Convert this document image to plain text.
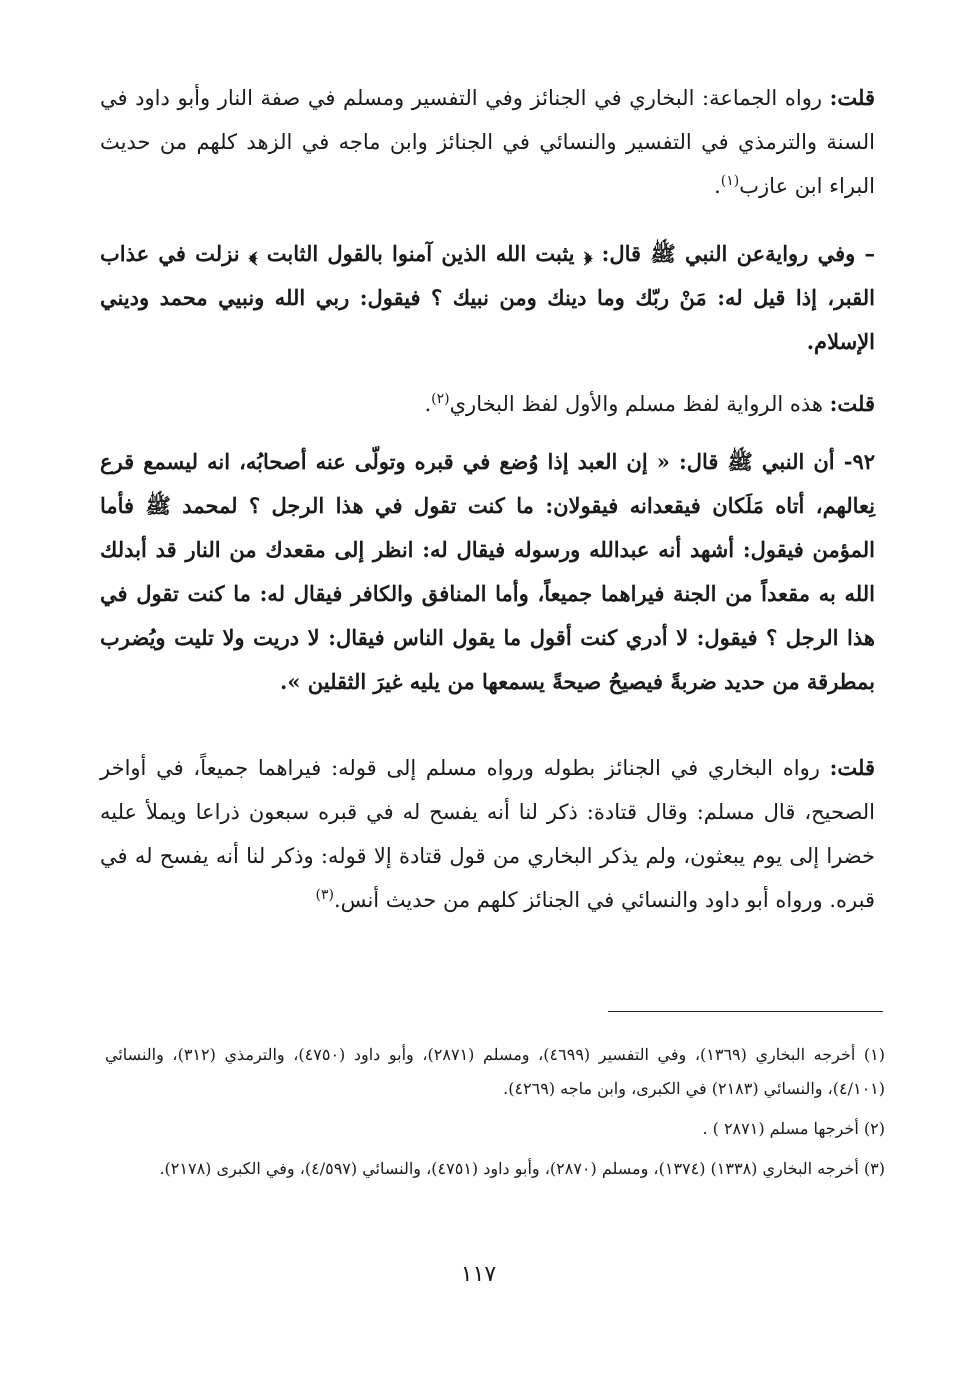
قلت: رواه الجماعة: البخاري في الجنائز وفي التفسير ومسلم في صفة النار وأبو داود في السنة والترمذي في التفسير والنسائي في الجنائز وابن ماجه في الزهد كلهم من حديث البراء ابن عازب$^{(١)}$.

– وفي روايةعن النبي ﷺ قال: ﴿ يثبت الله الذين آمنوا بالقول الثابت ﴾ نزلت في عذاب القبر، إذا قيل له: مَنْ ربّك وما دينك ومن نبيك ؟ فيقول: ربي الله ونبيي محمد وديني الإسلام.

قلت: هذه الرواية لفظ مسلم والأول لفظ البخاري$^{(٢)}$.

٩٢- أن النبي ﷺ قال: « إن العبد إذا وُضع في قبره وتولّى عنه أصحابُه، انه ليسمع قرع نِعالهم، أتاه مَلَكان فيقعدانه فيقولان: ما كنت تقول في هذا الرجل ؟ لمحمد ﷺ فأما المؤمن فيقول: أشهد أنه عبدالله ورسوله فيقال له: انظر إلى مقعدك من النار قد أبدلك الله به مقعداً من الجنة فيراهما جميعاً، وأما المنافق والكافر فيقال له: ما كنت تقول في هذا الرجل ؟ فيقول: لا أدري كنت أقول ما يقول الناس فيقال: لا دريت ولا تليت ويُضرب بمطرقة من حديد ضربةً فيصيحُ صيحةً يسمعها من يليه غيرَ الثقلين ».

قلت: رواه البخاري في الجنائز بطوله ورواه مسلم إلى قوله: فيراهما جميعاً، في أواخر الصحيح، قال مسلم: وقال قتادة: ذكر لنا أنه يفسح له في قبره سبعون ذراعا ويملأ عليه خضرا إلى يوم يبعثون، ولم يذكر البخاري من قول قتادة إلا قوله: وذكر لنا أنه يفسح له في قبره. ورواه أبو داود والنسائي في الجنائز كلهم من حديث أنس.$^{(٣)}$

(١) أخرجه البخاري (١٣٦٩)، وفي التفسير (٤٦٩٩)، ومسلم (٢٨٧١)، وأبو داود (٤٧٥٠)، والترمذي (٣١٢)، والنسائي (٤/١٠١)، والنسائي (٢١٨٣) في الكبرى، وابن ماجه (٤٢٦٩).

(٢) أخرجها مسلم (٢٨٧١ ) .

(٣) أخرجه البخاري (١٣٣٨) (١٣٧٤)، ومسلم (٢٨٧٠)، وأبو داود (٤٧٥١)، والنسائي (٤/٥٩٧)، وفي الكبرى (٢١٧٨).

١١٧
